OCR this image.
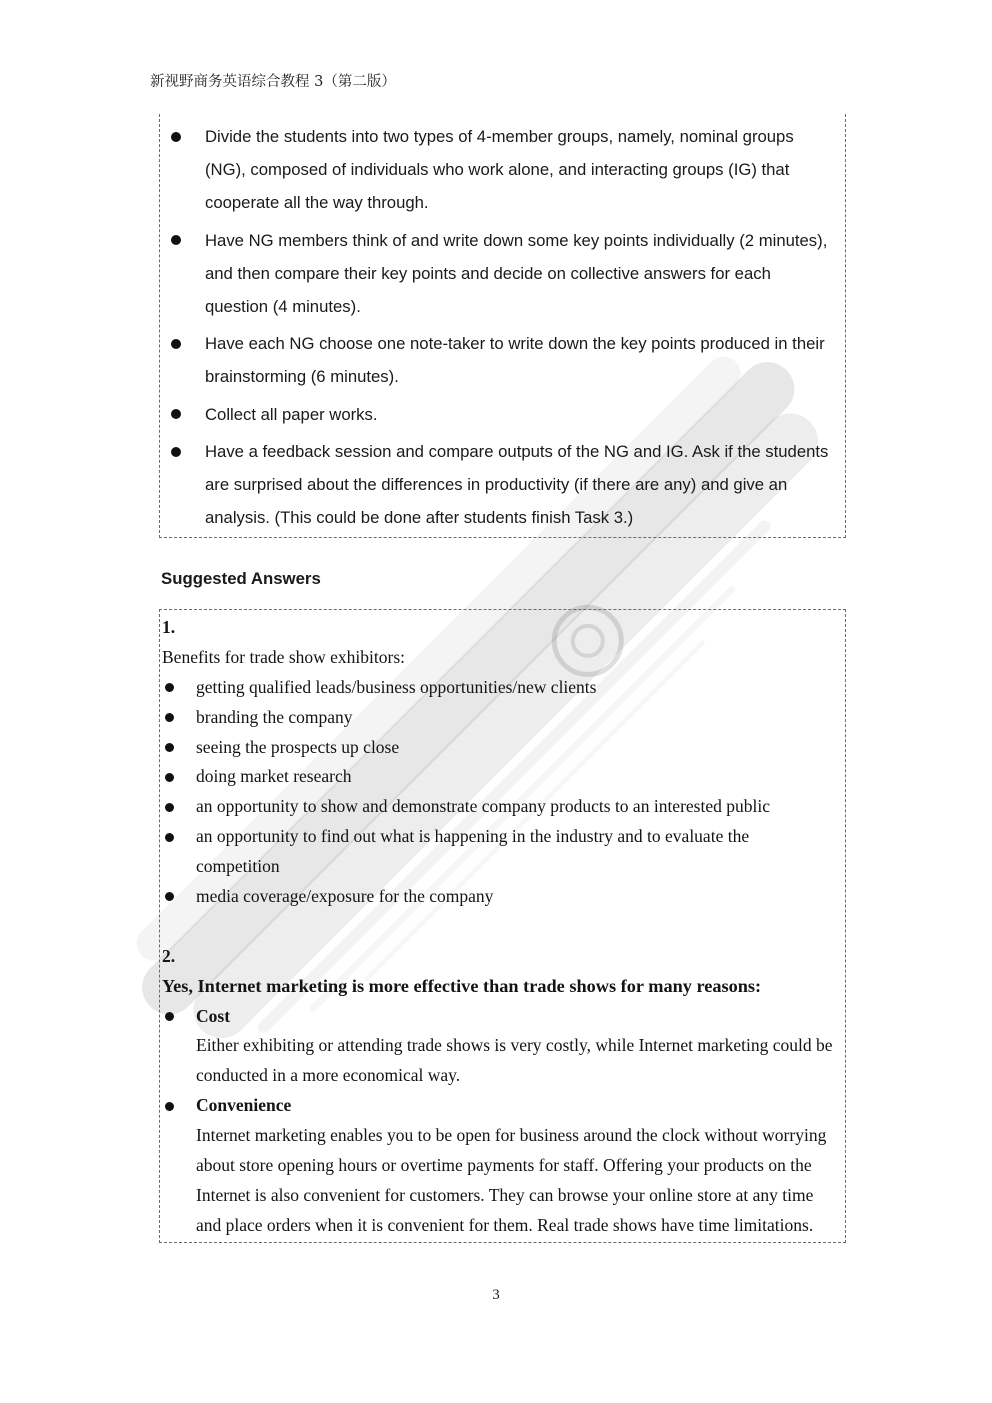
新视野商务英语综合教程 3（第二版）
Divide the students into two types of 4-member groups, namely, nominal groups
(NG), composed of individuals who work alone, and interacting groups (IG) that
cooperate all the way through.
Have NG members think of and write down some key points individually (2 minutes),
and then compare their key points and decide on collective answers for each
question (4 minutes).
Have each NG choose one note-taker to write down the key points produced in their
brainstorming (6 minutes).
Collect all paper works.
Have a feedback session and compare outputs of the NG and IG. Ask if the students
are surprised about the differences in productivity (if there are any) and give an
analysis. (This could be done after students finish Task 3.)
Suggested Answers
1.
Benefits for trade show exhibitors:
getting qualified leads/business opportunities/new clients
branding the company
seeing the prospects up close
doing market research
an opportunity to show and demonstrate company products to an interested public
an opportunity to find out what is happening in the industry and to evaluate the
competition
media coverage/exposure for the company
2.
Yes, Internet marketing is more effective than trade shows for many reasons:
Cost
Either exhibiting or attending trade shows is very costly, while Internet marketing could be
conducted in a more economical way.
Convenience
Internet marketing enables you to be open for business around the clock without worrying
about store opening hours or overtime payments for staff. Offering your products on the
Internet is also convenient for customers. They can browse your online store at any time
and place orders when it is convenient for them. Real trade shows have time limitations.
3
